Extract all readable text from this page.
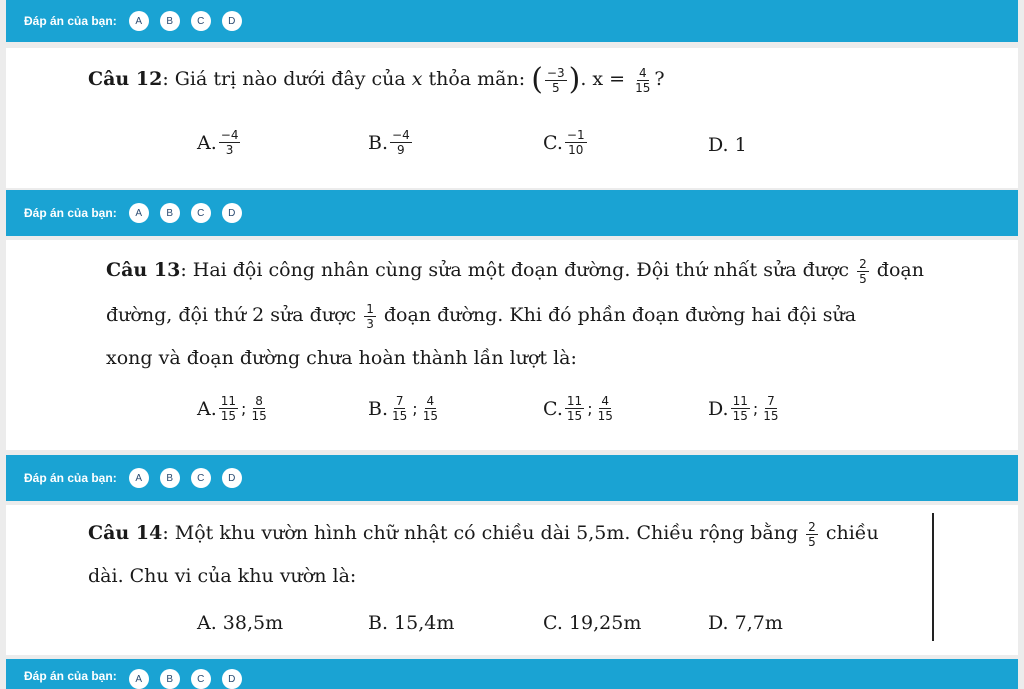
Đáp án của bạn:	A	B	C	D
Câu 12: Giá trị nào dưới đây của x thỏa mãn: ( $\frac{-3}{5}$ ). $x = \frac{4}{15}$ ?
A. $\frac{-4}{3}$	B. $\frac{-4}{9}$	C. $\frac{-1}{10}$	D. 1
Đáp án của bạn:	A	B	C	D
Câu 13: Hai đội công nhân cùng sửa một đoạn đường. Đội thứ nhất sửa được $\frac{2}{5}$ đoạn
đường, đội thứ 2 sửa được $\frac{1}{3}$ đoạn đường. Khi đó phần đoạn đường hai đội sửa
xong và đoạn đường chưa hoàn thành lần lượt là:
A. $\frac{11}{15}$ ; $\frac{8}{15}$	B. $\frac{7}{15}$ ; $\frac{4}{15}$	C. $\frac{11}{15}$ ; $\frac{4}{15}$	D. $\frac{11}{15}$ ; $\frac{7}{15}$
Đáp án của bạn:	A	B	C	D
Câu 14: Một khu vườn hình chữ nhật có chiều dài 5,5m. Chiều rộng bằng $\frac{2}{5}$ chiều
dài. Chu vi của khu vườn là:
A. 38,5m	B. 15,4m	C. 19,25m	D. 7,7m
Đáp án của bạn:	A	B	C	D
